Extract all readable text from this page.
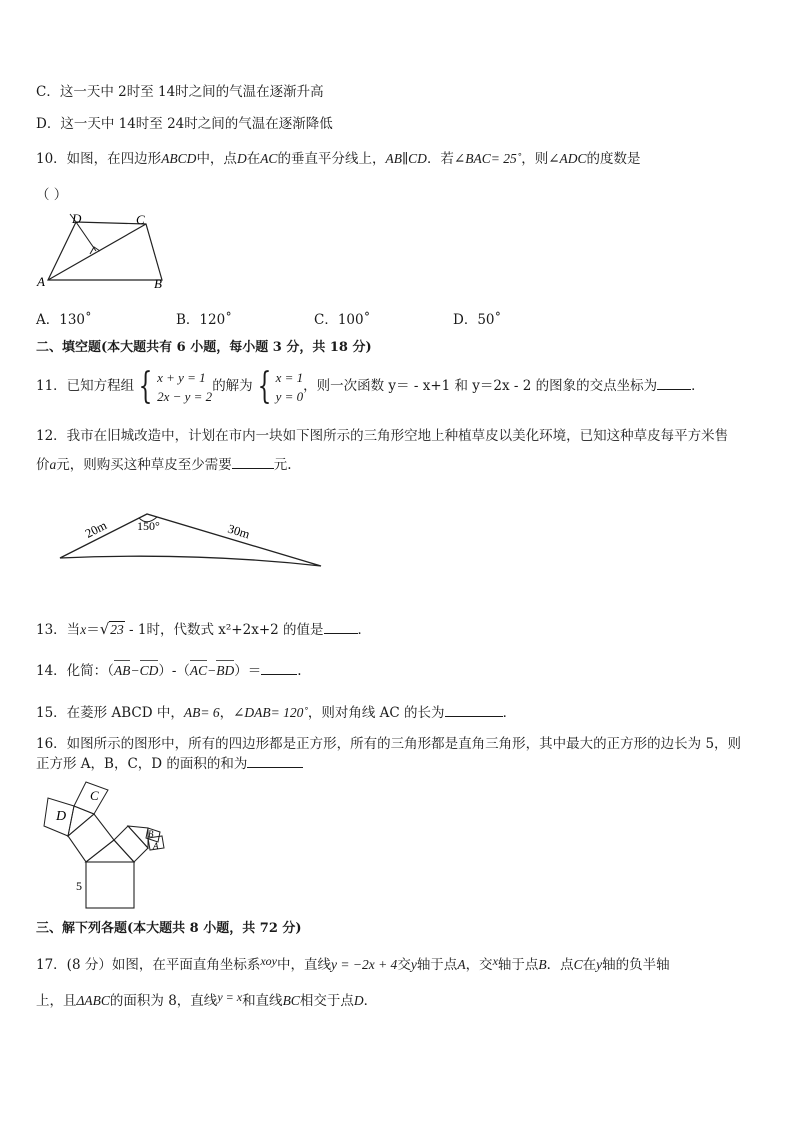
C．这一天中 2时至 14时之间的气温在逐渐升高
D．这一天中 14时至 24时之间的气温在逐渐降低
10．如图，在四边形ABCD中，点D在AC的垂直平分线上，AB∥CD．若∠BAC= 25˚，则∠ADC的度数是
（ ）
D	C
A	B
A．130˚	B．120˚	C．100˚	D．50˚
二、填空题(本大题共有 6 小题，每小题 3 分，共 18 分)
11．已知方程组 { x + y = 1
2x − y = 2的解为 { x = 1
y = 0，则一次函数 y＝ - x+1 和 y＝2x - 2 的图象的交点坐标为	．
12．我市在旧城改造中，计划在市内一块如下图所示的三角形空地上种植草皮以美化环境，已知这种草皮每平方米售
价a元，则购买这种草皮至少需要	元.
20m 150°	30m
13．当x＝√23 - 1时，代数式 x²+2x+2 的值是	．
14．化简：（AB−CD）-（AC−BD）＝	.
15．在菱形 ABCD 中，AB= 6，∠DAB= 120˚，则对角线 AC 的长为	．
16．如图所示的图形中，所有的四边形都是正方形，所有的三角形都是直角三角形，其中最大的正方形的边长为 5，则
正方形 A，B，C，D 的面积的和为
D
C
B
A
5
三、解下列各题(本大题共 8 小题，共 72 分)
17．(8 分）如图，在平面直角坐标系xoy中，直线y = −2x + 4交y轴于点A，交x轴于点B．点C在y轴的负半轴
上，且ΔABC的面积为 8，直线y = x和直线BC相交于点D．
